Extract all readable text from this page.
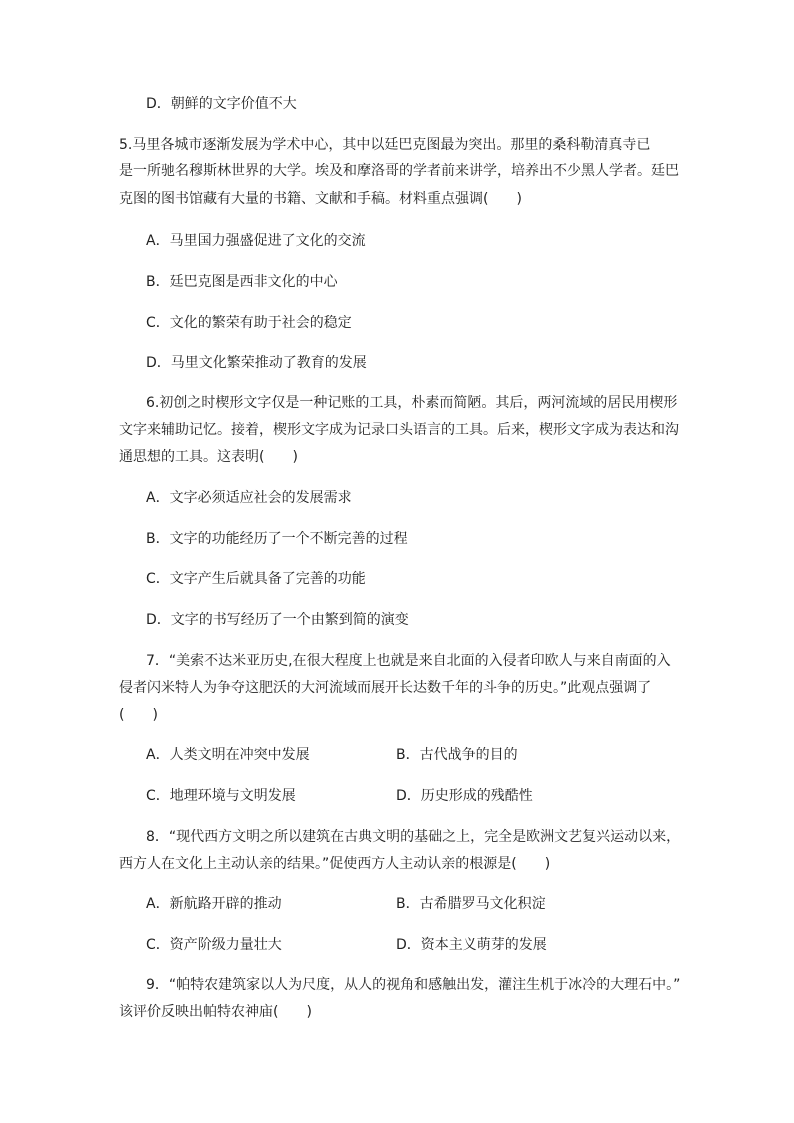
D．朝鲜的文字价值不大
5.马里各城市逐渐发展为学术中心，其中以廷巴克图最为突出。那里的桑科勒清真寺已
是一所驰名穆斯林世界的大学。埃及和摩洛哥的学者前来讲学，培养出不少黑人学者。廷巴
克图的图书馆藏有大量的书籍、文献和手稿。材料重点强调(　　)
A．马里国力强盛促进了文化的交流
B．廷巴克图是西非文化的中心
C．文化的繁荣有助于社会的稳定
D．马里文化繁荣推动了教育的发展
6.初创之时楔形文字仅是一种记账的工具，朴素而简陋。其后，两河流域的居民用楔形
文字来辅助记忆。接着，楔形文字成为记录口头语言的工具。后来，楔形文字成为表达和沟
通思想的工具。这表明(　　)
A．文字必须适应社会的发展需求
B．文字的功能经历了一个不断完善的过程
C．文字产生后就具备了完善的功能
D．文字的书写经历了一个由繁到简的演变
7．“美索不达米亚历史,在很大程度上也就是来自北面的入侵者印欧人与来自南面的入
侵者闪米特人为争夺这肥沃的大河流域而展开长达数千年的斗争的历史。”此观点强调了
(　　)
A．人类文明在冲突中发展	B．古代战争的目的
C．地理环境与文明发展	D．历史形成的残酷性
8．“现代西方文明之所以建筑在古典文明的基础之上，完全是欧洲文艺复兴运动以来，
西方人在文化上主动认亲的结果。”促使西方人主动认亲的根源是(　　)
A．新航路开辟的推动	B．古希腊罗马文化积淀
C．资产阶级力量壮大	D．资本主义萌芽的发展
9．“帕特农建筑家以人为尺度，从人的视角和感触出发，灌注生机于冰冷的大理石中。”
该评价反映出帕特农神庙(　　)
